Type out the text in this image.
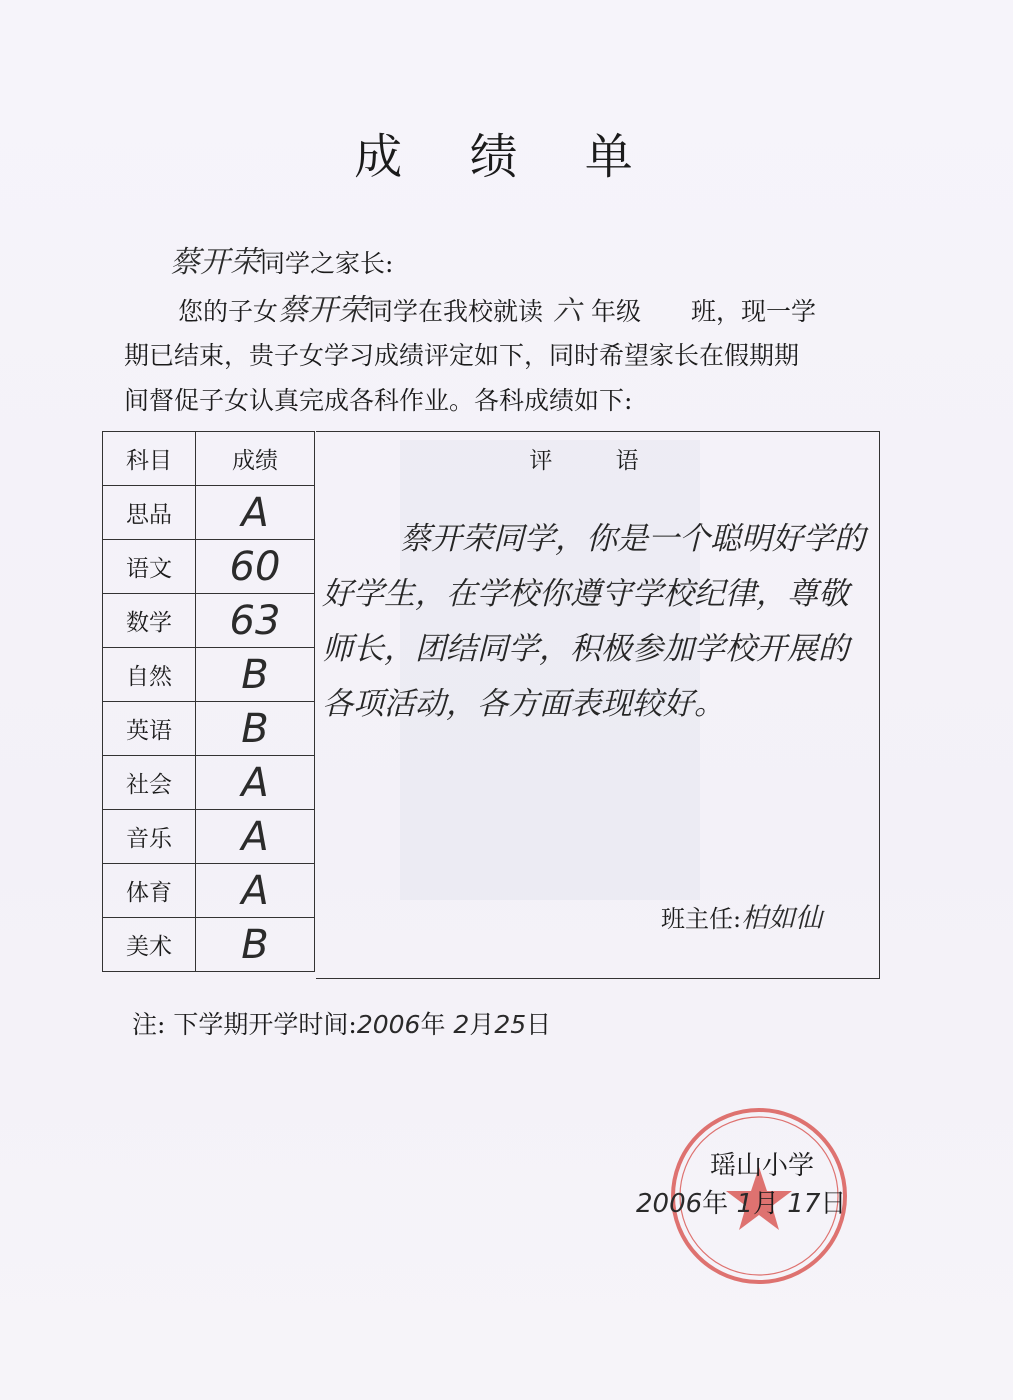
成 绩 单
蔡开荣同学之家长:
您的子女蔡开荣同学在我校就读 六 年级　　班，现一学
期已结束，贵子女学习成绩评定如下，同时希望家长在假期期
间督促子女认真完成各科作业。各科成绩如下:
科目	成绩
思品	A
语文	60
数学	63
自然	B
英语	B
社会	A
音乐	A
体育	A
美术	B
评 语
蔡开荣同学，你是一个聪明好学的好学生，在学校你遵守学校纪律，尊敬师长，团结同学，积极参加学校开展的各项活动，各方面表现较好。
班主任:柏如仙
注: 下学期开学时间:2006年 2月25日
瑶山小学
2006年 1月 17日
